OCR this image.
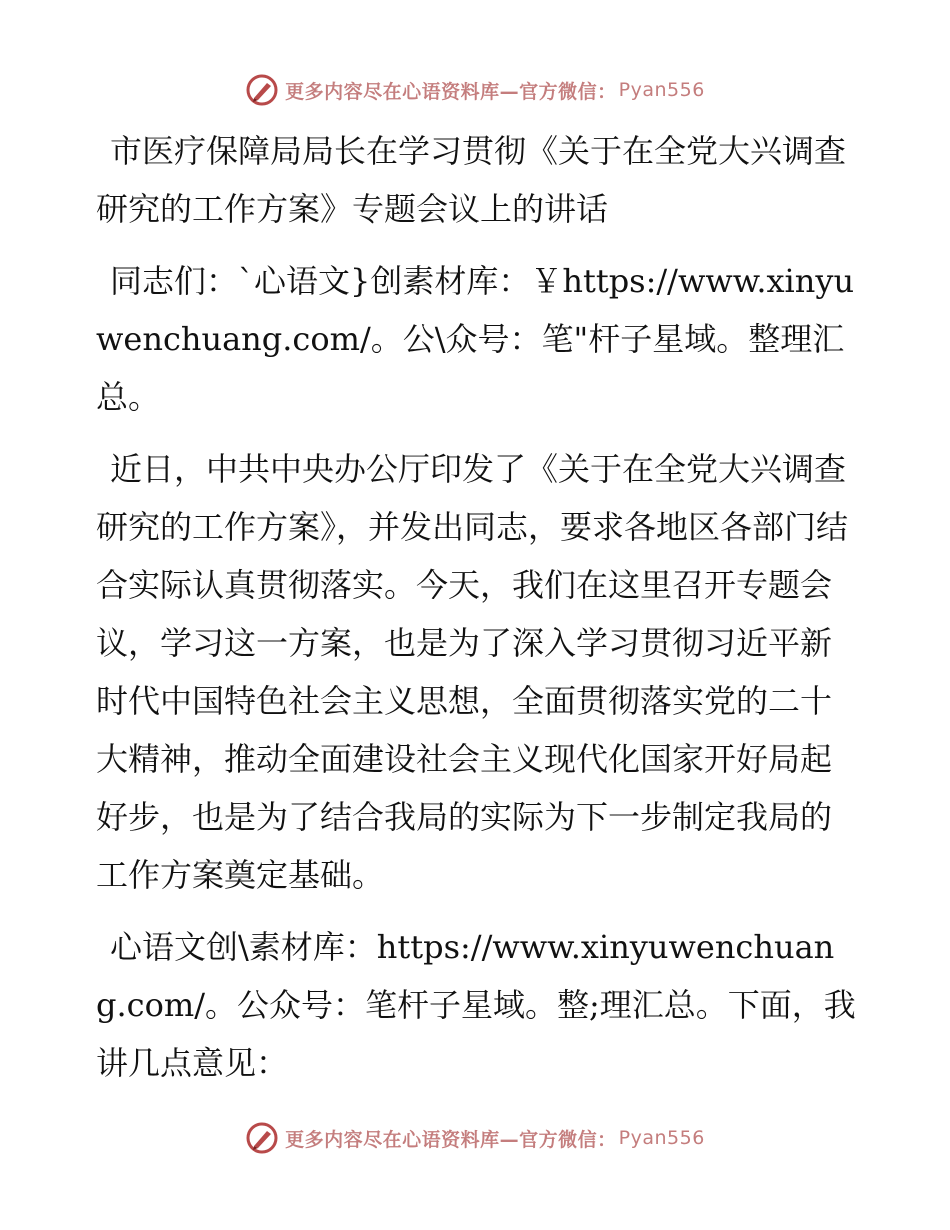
更多内容尽在心语资料库—官方微信： Pyan556

市医疗保障局局长在学习贯彻《关于在全党大兴调查研究的工作方案》专题会议上的讲话

同志们：`心语文}创素材库：￥https://www.xinyuwenchuang.com/。公\众号：笔"杆子星域。整理汇总。

近日，中共中央办公厅印发了《关于在全党大兴调查研究的工作方案》，并发出同志，要求各地区各部门结合实际认真贯彻落实。今天，我们在这里召开专题会议，学习这一方案，也是为了深入学习贯彻习近平新时代中国特色社会主义思想，全面贯彻落实党的二十大精神，推动全面建设社会主义现代化国家开好局起好步，也是为了结合我局的实际为下一步制定我局的工作方案奠定基础。

心语文创\素材库：https://www.xinyuwenchuang.com/。公众号：笔杆子星域。整;理汇总。下面，我讲几点意见：

更多内容尽在心语资料库—官方微信： Pyan556
